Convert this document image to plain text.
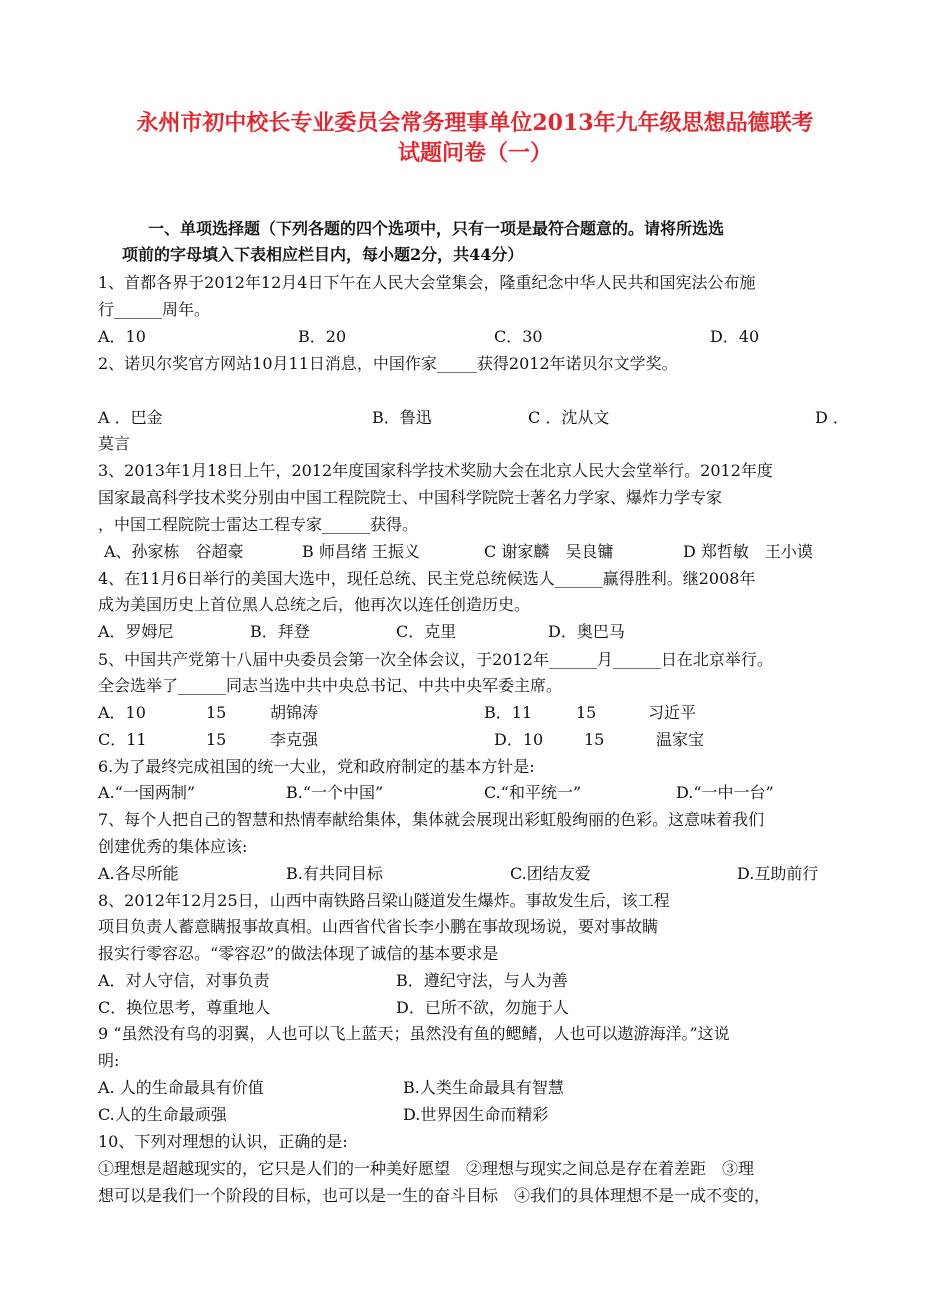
永州市初中校长专业委员会常务理事单位2013年九年级思想品德联考
试题问卷（一）
一、单项选择题（下列各题的四个选项中，只有一项是最符合题意的。请将所选选
项前的字母填入下表相应栏目内，每小题2分，共44分）
1、首都各界于2012年12月4日下午在人民大会堂集会，隆重纪念中华人民共和国宪法公布施
行______周年。
A．10	B．20	C．30	D．40
2、诺贝尔奖官方网站10月11日消息，中国作家_____获得2012年诺贝尔文学奖。
A ．巴金	B．鲁迅	C ．沈从文	D ．
莫言
3、2013年1月18日上午，2012年度国家科学技术奖励大会在北京人民大会堂举行。2012年度
国家最高科学技术奖分别由中国工程院院士、中国科学院院士著名力学家、爆炸力学专家
，中国工程院院士雷达工程专家______获得。
A、孙家栋　谷超豪	B 师昌绪 王振义	C 谢家麟　吴良镛	D 郑哲敏　王小谟
4、在11月6日举行的美国大选中，现任总统、民主党总统候选人______赢得胜利。继2008年
成为美国历史上首位黑人总统之后，他再次以连任创造历史。
A．罗姆尼	B．拜登	C．克里	D．奥巴马
5、中国共产党第十八届中央委员会第一次全体会议，于2012年______月______日在北京举行。
全会选举了______同志当选中共中央总书记、中共中央军委主席。
A．10	15	胡锦涛	B．11	15	习近平
C．11	15	李克强	D．10	15	温家宝
6.为了最终完成祖国的统一大业，党和政府制定的基本方针是:
A.“一国两制”	B.“一个中国”	C.“和平统一”	D.“一中一台”
7、每个人把自己的智慧和热情奉献给集体，集体就会展现出彩虹般绚丽的色彩。这意味着我们
创建优秀的集体应该:
A.各尽所能	B.有共同目标	C.团结友爱	D.互助前行
8、2012年12月25日，山西中南铁路吕梁山隧道发生爆炸。事故发生后，该工程
项目负责人蓄意瞒报事故真相。山西省代省长李小鹏在事故现场说，要对事故瞒
报实行零容忍。“零容忍”的做法体现了诚信的基本要求是
A．对人守信，对事负责	B．遵纪守法，与人为善
C．换位思考，尊重地人	D．已所不欲，勿施于人
9 “虽然没有鸟的羽翼，人也可以飞上蓝天；虽然没有鱼的鳃鳍，人也可以遨游海洋。”这说
明:
A. 人的生命最具有价值	B.人类生命最具有智慧
C.人的生命最顽强	D.世界因生命而精彩
10、下列对理想的认识，正确的是:
①理想是超越现实的，它只是人们的一种美好愿望　②理想与现实之间总是存在着差距　③理
想可以是我们一个阶段的目标，也可以是一生的奋斗目标　④我们的具体理想不是一成不变的，
